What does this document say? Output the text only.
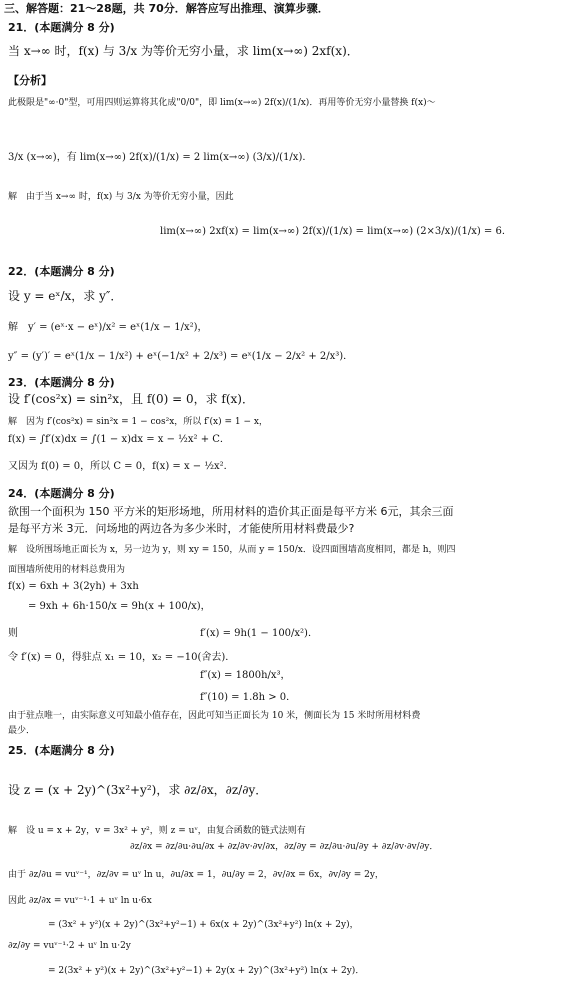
三、解答题：21～28题，共 70分．解答应写出推理、演算步骤．
21．(本题满分 8 分)
当 x→∞ 时，f(x) 与 3/x 为等价无穷小量，求 lim(x→∞) 2xf(x)．
【分析】
此极限是"∞·0"型，可用四则运算将其化成"0/0"，即 lim(x→∞) 2f(x)/(1/x)．再用等价无穷小量替换 f(x)～
3/x (x→∞)，有 lim(x→∞) 2f(x)/(1/x) = 2 lim(x→∞) (3/x)/(1/x)．
解　由于当 x→∞ 时，f(x) 与 3/x 为等价无穷小量，因此
lim(x→∞) 2xf(x) = lim(x→∞) 2f(x)/(1/x) = lim(x→∞) (2×3/x)/(1/x) = 6．
22．(本题满分 8 分)
设 y = eˣ/x，求 y″．
解　y′ = (eˣ·x − eˣ)/x² = eˣ(1/x − 1/x²)，
y″ = (y′)′ = eˣ(1/x − 1/x²) + eˣ(−1/x² + 2/x³) = eˣ(1/x − 2/x² + 2/x³)．
23．(本题满分 8 分)
设 f′(cos²x) = sin²x，且 f(0) = 0，求 f(x)．
解　因为 f′(cos²x) = sin²x = 1 − cos²x，所以 f′(x) = 1 − x，
f(x) = ∫f′(x)dx = ∫(1 − x)dx = x − ½x² + C．
又因为 f(0) = 0，所以 C = 0，f(x) = x − ½x²．
24．(本题满分 8 分)
欲围一个面积为 150 平方米的矩形场地，所用材料的造价其正面是每平方米 6元，其余三面
是每平方米 3元．问场地的两边各为多少米时，才能使所用材料费最少?
解　设所围场地正面长为 x，另一边为 y，则 xy = 150，从而 y = 150/x．设四面围墙高度相同，都是 h，则四
面围墙所使用的材料总费用为
f(x) = 6xh + 3(2yh) + 3xh
= 9xh + 6h·150/x = 9h(x + 100/x)，
则	f′(x) = 9h(1 − 100/x²)．
令 f′(x) = 0，得驻点 x₁ = 10，x₂ = −10(舍去)．
f″(x) = 1800h/x³，
f″(10) = 1.8h > 0．
由于驻点唯一，由实际意义可知最小值存在，因此可知当正面长为 10 米，侧面长为 15 米时所用材料费
最少．
25．(本题满分 8 分)
设 z = (x + 2y)^(3x²+y²)，求 ∂z/∂x，∂z/∂y．
解　设 u = x + 2y，v = 3x² + y²，则 z = uᵛ，由复合函数的链式法则有
∂z/∂x = ∂z/∂u·∂u/∂x + ∂z/∂v·∂v/∂x，∂z/∂y = ∂z/∂u·∂u/∂y + ∂z/∂v·∂v/∂y．
由于 ∂z/∂u = vuᵛ⁻¹，∂z/∂v = uᵛ ln u，∂u/∂x = 1，∂u/∂y = 2，∂v/∂x = 6x，∂v/∂y = 2y，
因此 ∂z/∂x = vuᵛ⁻¹·1 + uᵛ ln u·6x
= (3x² + y²)(x + 2y)^(3x²+y²−1) + 6x(x + 2y)^(3x²+y²) ln(x + 2y)，
∂z/∂y = vuᵛ⁻¹·2 + uᵛ ln u·2y
= 2(3x² + y²)(x + 2y)^(3x²+y²−1) + 2y(x + 2y)^(3x²+y²) ln(x + 2y)．
